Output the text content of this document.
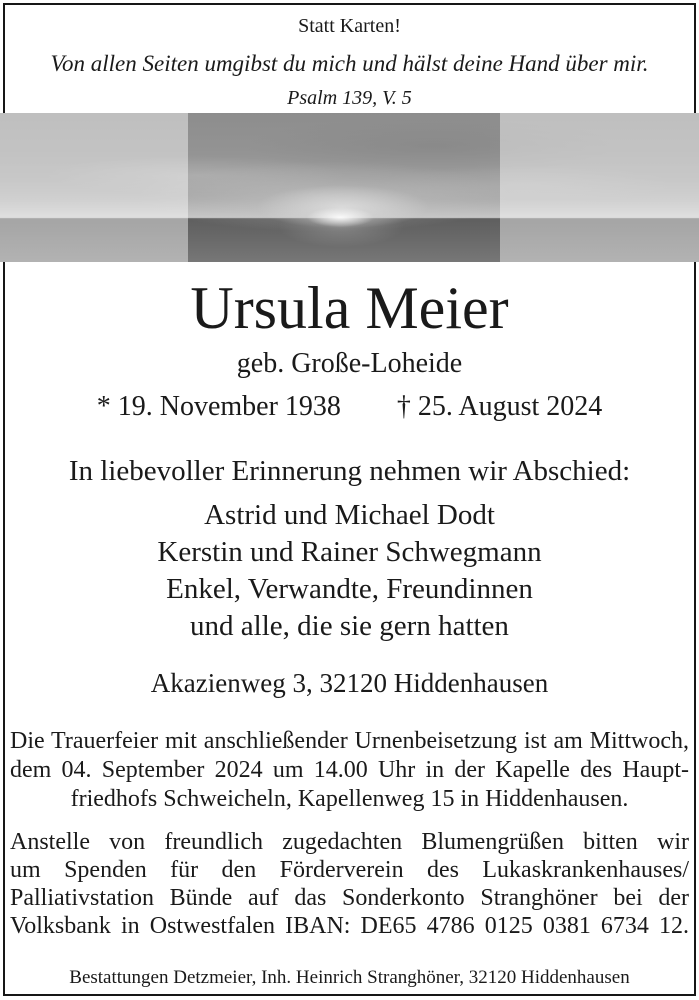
Statt Karten!
Von allen Seiten umgibst du mich und hälst deine Hand über mir.
Psalm 139, V. 5
Ursula Meier
geb. Große-Loheide
* 19. November 1938 † 25. August 2024
In liebevoller Erinnerung nehmen wir Abschied:
Astrid und Michael Dodt
Kerstin und Rainer Schwegmann
Enkel, Verwandte, Freundinnen
und alle, die sie gern hatten
Akazienweg 3, 32120 Hiddenhausen
Die Trauerfeier mit anschließender Urnenbeisetzung ist am Mittwoch,
dem 04. September 2024 um 14.00 Uhr in der Kapelle des Haupt-
friedhofs Schweicheln, Kapellenweg 15 in Hiddenhausen.
Anstelle von freundlich zugedachten Blumengrüßen bitten wir
um Spenden für den Förderverein des Lukaskrankenhauses/
Palliativstation Bünde auf das Sonderkonto Stranghöner bei der
Volksbank in Ostwestfalen IBAN: DE65 4786 0125 0381 6734 12.
Bestattungen Detzmeier, Inh. Heinrich Stranghöner, 32120 Hiddenhausen
